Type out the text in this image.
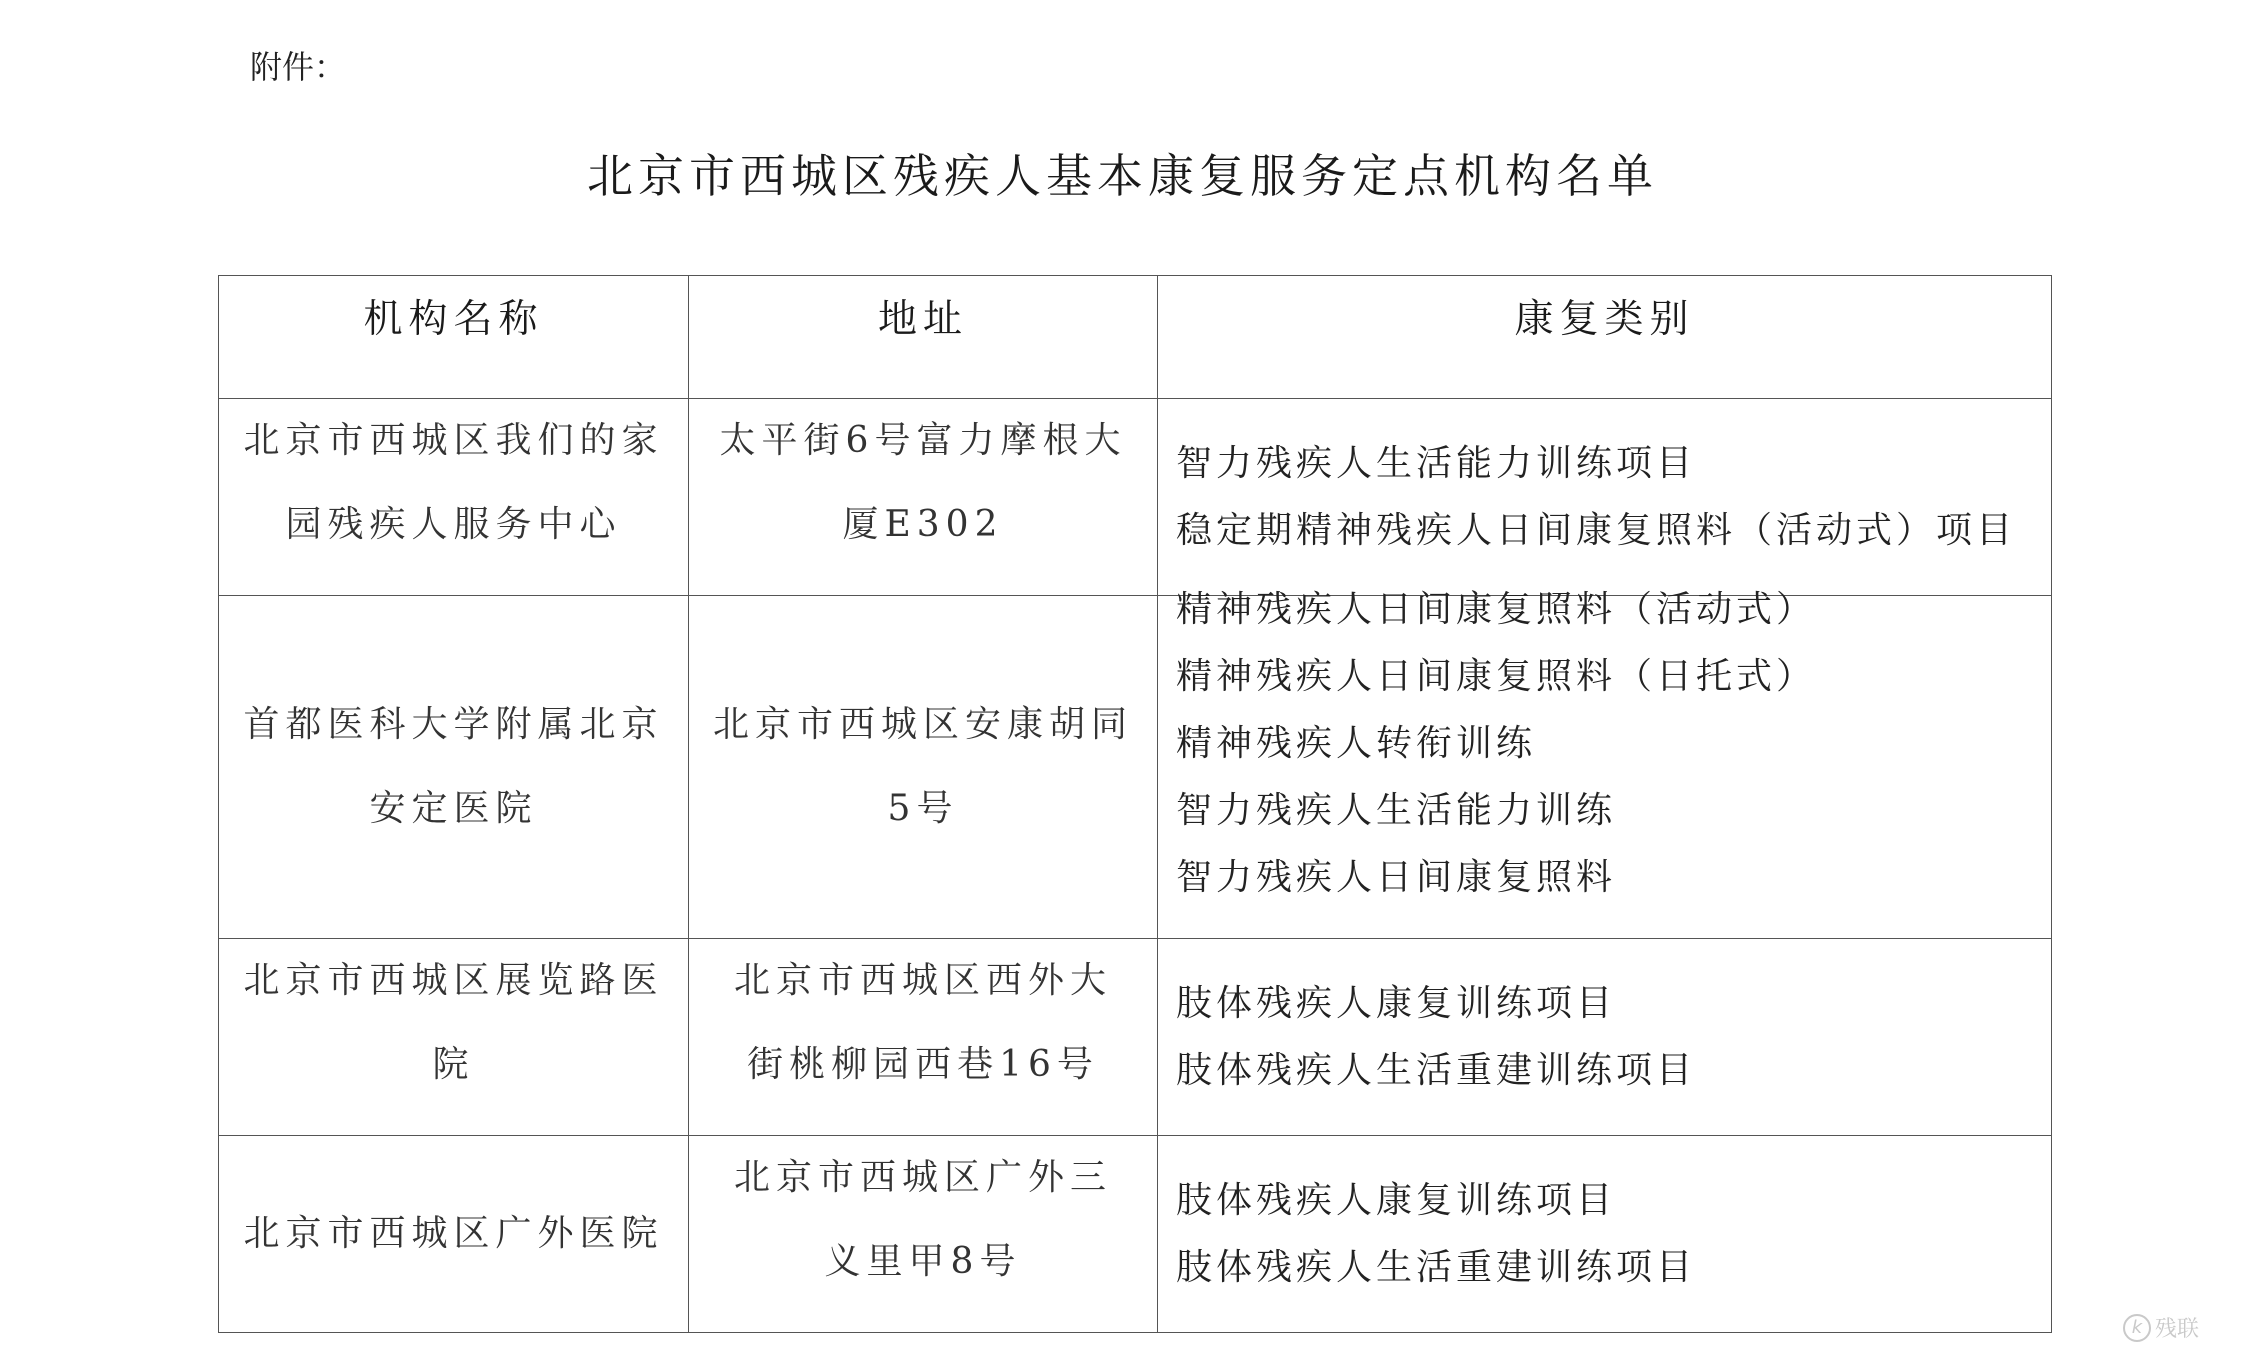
附件：
北京市西城区残疾人基本康复服务定点机构名单
机构名称	地址	康复类别

北京市西城区我们的家园残疾人服务中心	太平街6号富力摩根大厦E302	智力残疾人生活能力训练项目
稳定期精神残疾人日间康复照料（活动式）项目

首都医科大学附属北京安定医院	北京市西城区安康胡同5号	精神残疾人日间康复照料（活动式）
精神残疾人日间康复照料（日托式）
精神残疾人转衔训练
智力残疾人生活能力训练
智力残疾人日间康复照料

北京市西城区展览路医院	北京市西城区西外大街桃柳园西巷16号	肢体残疾人康复训练项目
肢体残疾人生活重建训练项目

北京市西城区广外医院	北京市西城区广外三义里甲8号	肢体残疾人康复训练项目
肢体残疾人生活重建训练项目
k 残联
